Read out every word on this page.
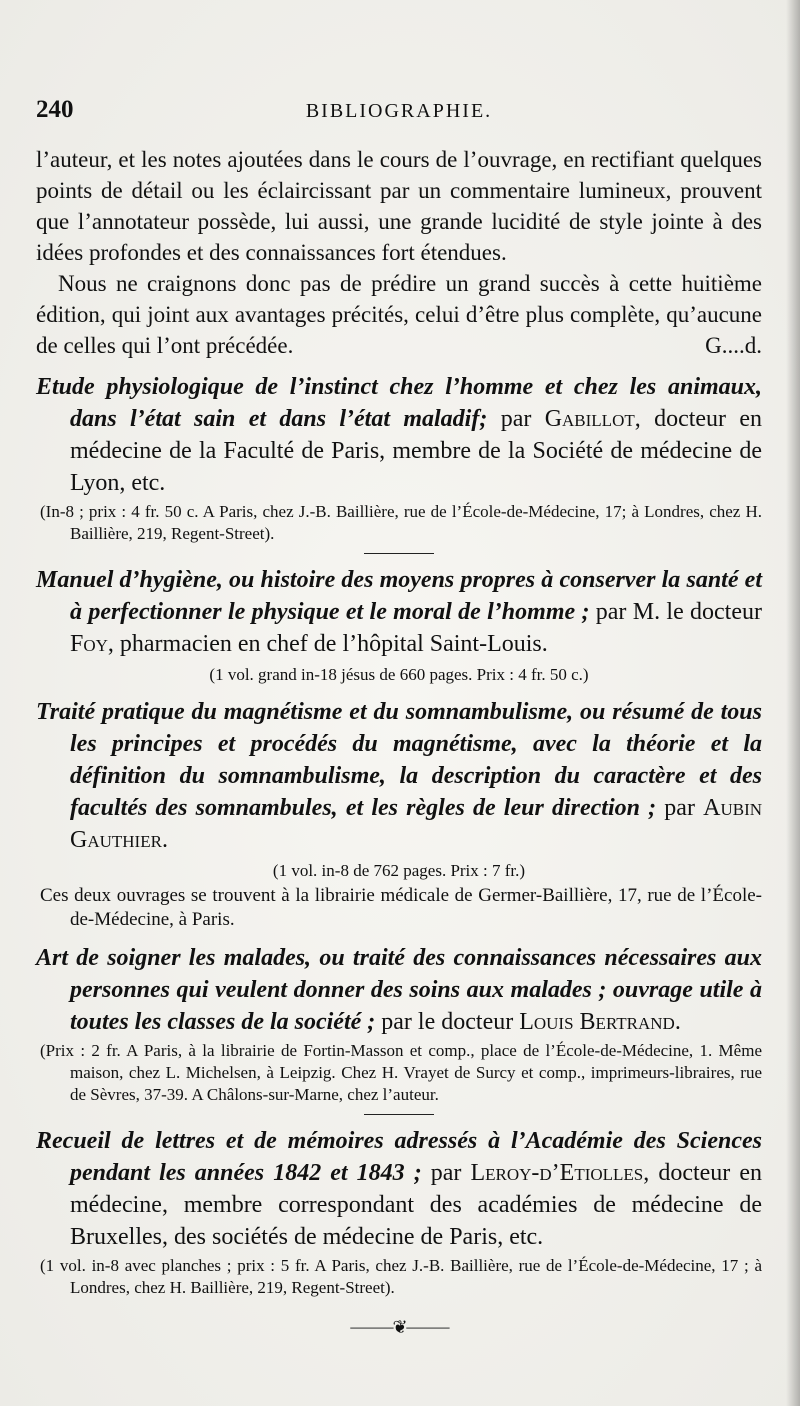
240	BIBLIOGRAPHIE.

l’auteur, et les notes ajoutées dans le cours de l’ouvrage, en rectifiant quelques points de détail ou les éclaircissant par un commentaire lumineux, prouvent que l’annotateur possède, lui aussi, une grande lucidité de style jointe à des idées profondes et des connaissances fort étendues.

Nous ne craignons donc pas de prédire un grand succès à cette huitième édition, qui joint aux avantages précités, celui d’être plus complète, qu’aucune de celles qui l’ont précédée.	G....d.

Etude physiologique de l’instinct chez l’homme et chez les animaux, dans l’état sain et dans l’état maladif; par Gabillot, docteur en médecine de la Faculté de Paris, membre de la Société de médecine de Lyon, etc.

(In-8 ; prix : 4 fr. 50 c. A Paris, chez J.-B. Baillière, rue de l’École-de-Médecine, 17; à Londres, chez H. Baillière, 219, Regent-Street).

Manuel d’hygiène, ou histoire des moyens propres à conserver la santé et à perfectionner le physique et le moral de l’homme ; par M. le docteur Foy, pharmacien en chef de l’hôpital Saint-Louis.

(1 vol. grand in-18 jésus de 660 pages. Prix : 4 fr. 50 c.)

Traité pratique du magnétisme et du somnambulisme, ou résumé de tous les principes et procédés du magnétisme, avec la théorie et la définition du somnambulisme, la description du caractère et des facultés des somnambules, et les règles de leur direction ; par Aubin Gauthier.

(1 vol. in-8 de 762 pages. Prix : 7 fr.)

Ces deux ouvrages se trouvent à la librairie médicale de Germer-Baillière, 17, rue de l’École-de-Médecine, à Paris.

Art de soigner les malades, ou traité des connaissances nécessaires aux personnes qui veulent donner des soins aux malades ; ouvrage utile à toutes les classes de la société ; par le docteur Louis Bertrand.

(Prix : 2 fr. A Paris, à la librairie de Fortin-Masson et comp., place de l’École-de-Médecine, 1. Même maison, chez L. Michelsen, à Leipzig. Chez H. Vrayet de Surcy et comp., imprimeurs-libraires, rue de Sèvres, 37-39. A Châlons-sur-Marne, chez l’auteur.

Recueil de lettres et de mémoires adressés à l’Académie des Sciences pendant les années 1842 et 1843 ; par Leroy-d’Etiolles, docteur en médecine, membre correspondant des académies de médecine de Bruxelles, des sociétés de médecine de Paris, etc.

(1 vol. in-8 avec planches ; prix : 5 fr. A Paris, chez J.-B. Baillière, rue de l’École-de-Médecine, 17 ; à Londres, chez H. Baillière, 219, Regent-Street).

⸻❦⸻
